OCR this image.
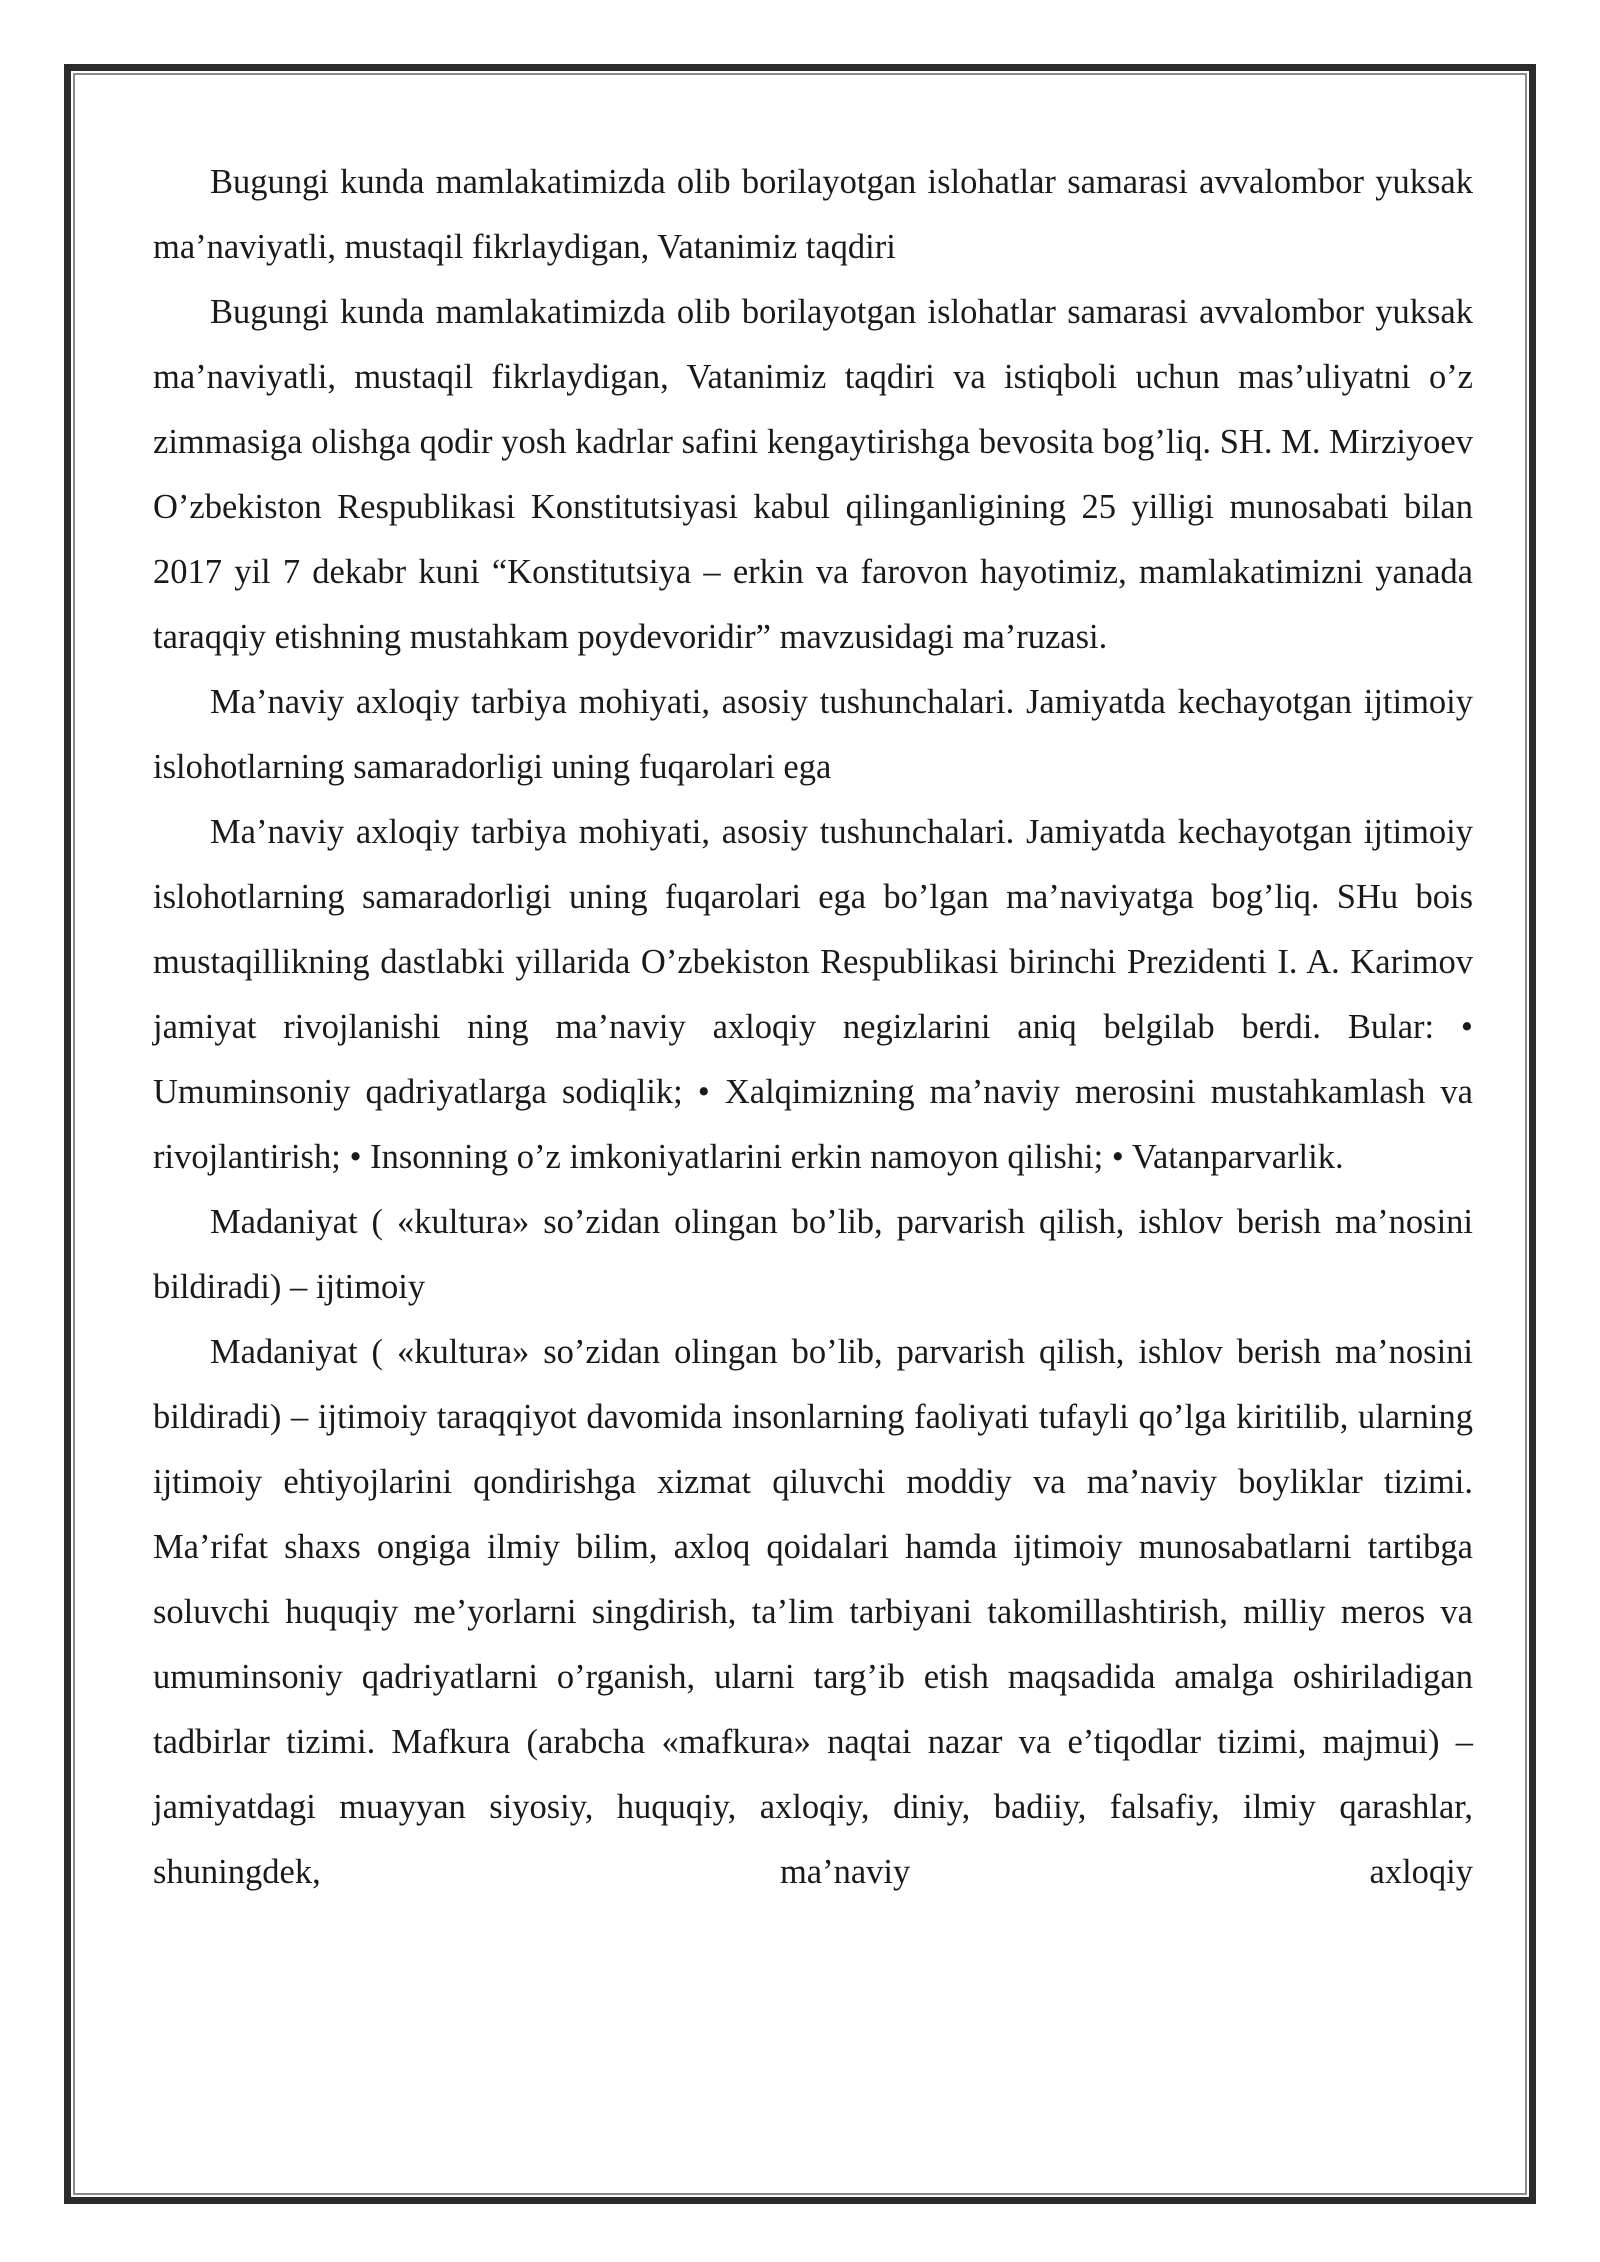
Bugungi kunda mamlakatimizda olib borilayotgan islohatlar samarasi avvalombor yuksak ma’naviyatli, mustaqil fikrlaydigan, Vatanimiz taqdiri

Bugungi kunda mamlakatimizda olib borilayotgan islohatlar samarasi avvalombor yuksak ma’naviyatli, mustaqil fikrlaydigan, Vatanimiz taqdiri va istiqboli uchun mas’uliyatni o’z zimmasiga olishga qodir yosh kadrlar safini kengaytirishga bevosita bog’liq. SH. M. Mirziyoev O’zbekiston Respublikasi Konstitutsiyasi kabul qilinganligining 25 yilligi munosabati bilan 2017 yil 7 dekabr kuni “Konstitutsiya – erkin va farovon hayotimiz, mamlakatimizni yanada taraqqiy etishning mustahkam poydevoridir” mavzusidagi ma’ruzasi.

Ma’naviy axloqiy tarbiya mohiyati, asosiy tushunchalari. Jamiyatda kechayotgan ijtimoiy islohotlarning samaradorligi uning fuqarolari ega

Ma’naviy axloqiy tarbiya mohiyati, asosiy tushunchalari. Jamiyatda kechayotgan ijtimoiy islohotlarning samaradorligi uning fuqarolari ega bo’lgan ma’naviyatga bog’liq. SHu bois mustaqillikning dastlabki yillarida O’zbekiston Respublikasi birinchi Prezidenti I. A. Karimov jamiyat rivojlanishi ning ma’naviy axloqiy negizlarini aniq belgilab berdi. Bular: • Umuminsoniy qadriyatlarga sodiqlik; • Xalqimizning ma’naviy merosini mustahkamlash va rivojlantirish; • Insonning o’z imkoniyatlarini erkin namoyon qilishi; • Vatanparvarlik.

Madaniyat ( «kultura» so’zidan olingan bo’lib, parvarish qilish, ishlov berish ma’nosini bildiradi) – ijtimoiy

Madaniyat ( «kultura» so’zidan olingan bo’lib, parvarish qilish, ishlov berish ma’nosini bildiradi) – ijtimoiy taraqqiyot davomida insonlarning faoliyati tufayli qo’lga kiritilib, ularning ijtimoiy ehtiyojlarini qondirishga xizmat qiluvchi moddiy va ma’naviy boyliklar tizimi. Ma’rifat shaxs ongiga ilmiy bilim, axloq qoidalari hamda ijtimoiy munosabatlarni tartibga soluvchi huquqiy me’yorlarni singdirish, ta’lim tarbiyani takomillashtirish, milliy meros va umuminsoniy qadriyatlarni o’rganish, ularni targ’ib etish maqsadida amalga oshiriladigan tadbirlar tizimi. Mafkura (arabcha «mafkura» naqtai nazar va e’tiqodlar tizimi, majmui) – jamiyatdagi muayyan siyosiy, huquqiy, axloqiy, diniy, badiiy, falsafiy, ilmiy qarashlar, shuningdek, ma’naviy axloqiy
